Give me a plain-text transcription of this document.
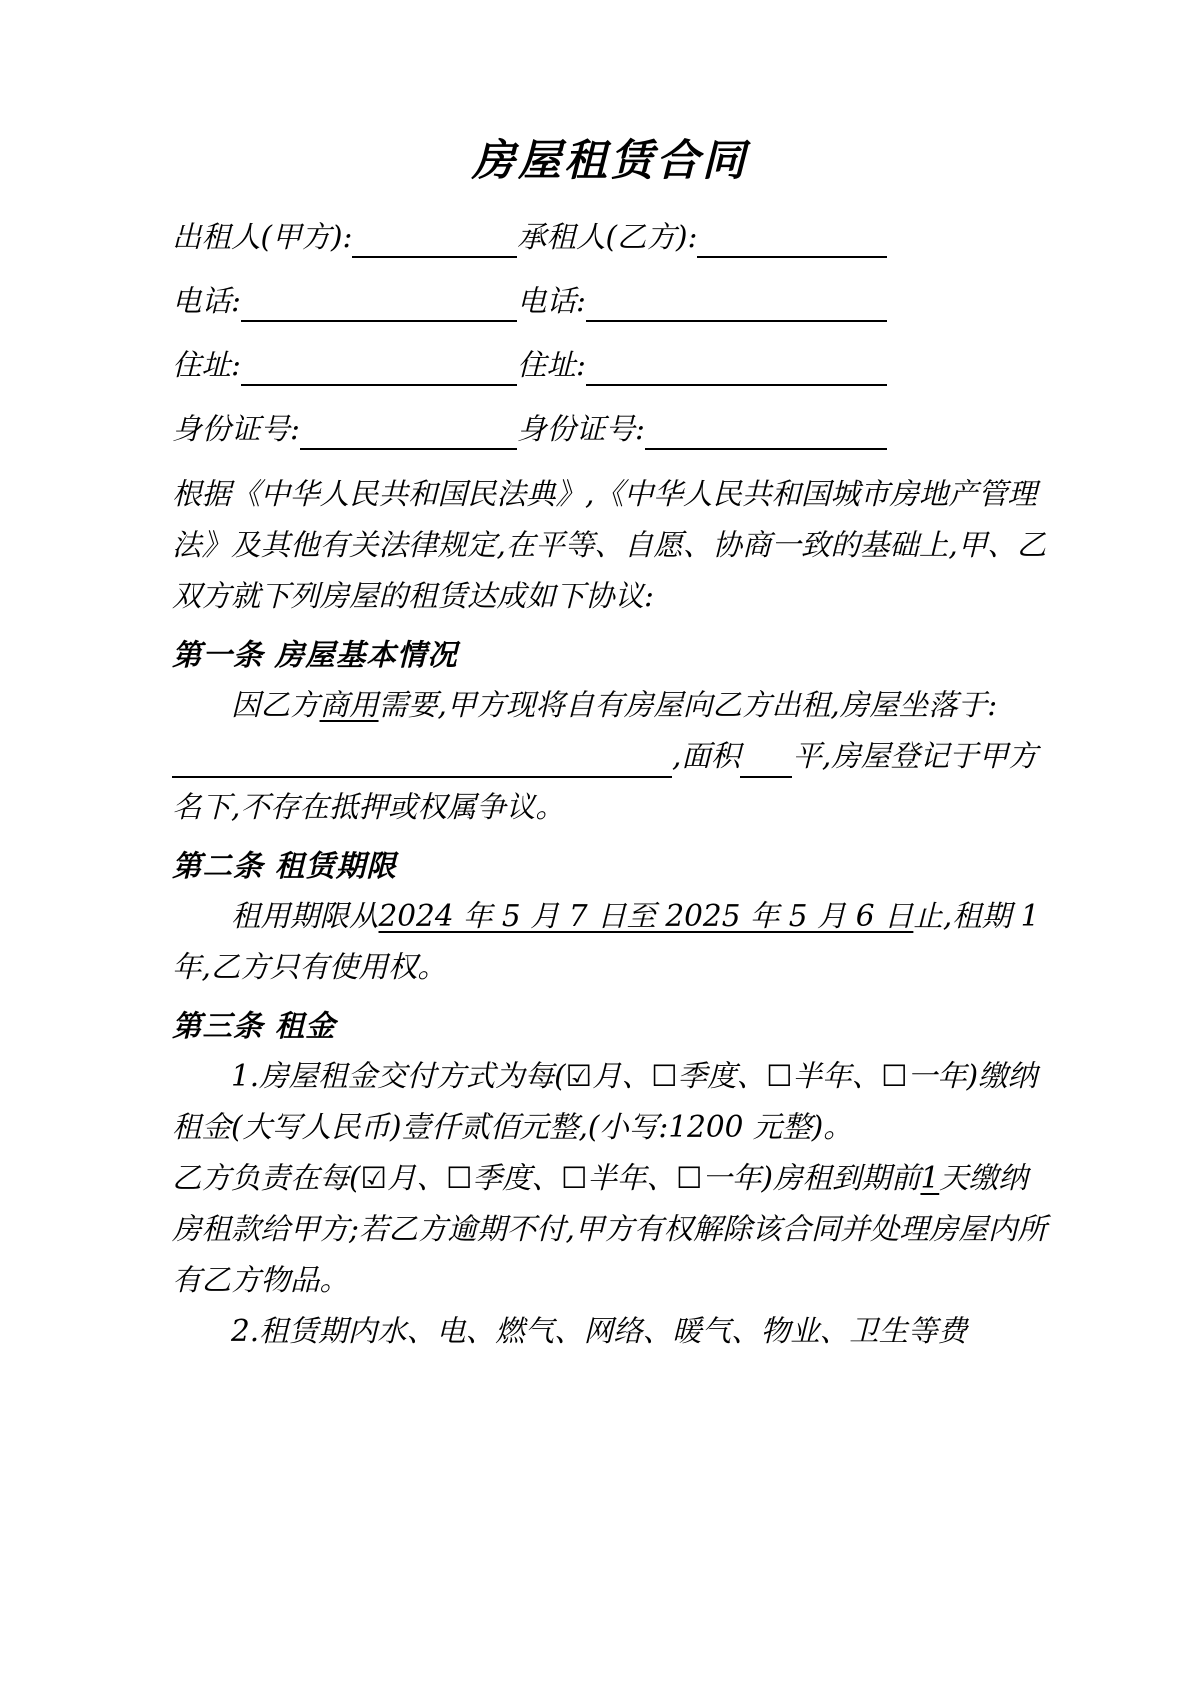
房屋租赁合同
出租人(甲方):	承租人(乙方):
电话:	电话:
住址:	住址:
身份证号:	身份证号:
根据《中华人民共和国民法典》,《中华人民共和国城市房地产管理法》及其他有关法律规定,在平等、自愿、协商一致的基础上,甲、乙双方就下列房屋的租赁达成如下协议:
第一条 房屋基本情况
因乙方商用需要,甲方现将自有房屋向乙方出租,房屋坐落于:,面积 平,房屋登记于甲方名下,不存在抵押或权属争议。
第二条 租赁期限
租用期限从2024 年 5 月 7 日至 2025 年 5 月 6 日止,租期 1 年,乙方只有使用权。
第三条 租金
1.房屋租金交付方式为每(☑月、☐季度、☐半年、☐一年)缴纳租金(大写人民币)壹仟贰佰元整,(小写:1200 元整)。
乙方负责在每(☑月、☐季度、☐半年、☐一年)房租到期前1天缴纳房租款给甲方;若乙方逾期不付,甲方有权解除该合同并处理房屋内所有乙方物品。
2.租赁期内水、电、燃气、网络、暖气、物业、卫生等费
